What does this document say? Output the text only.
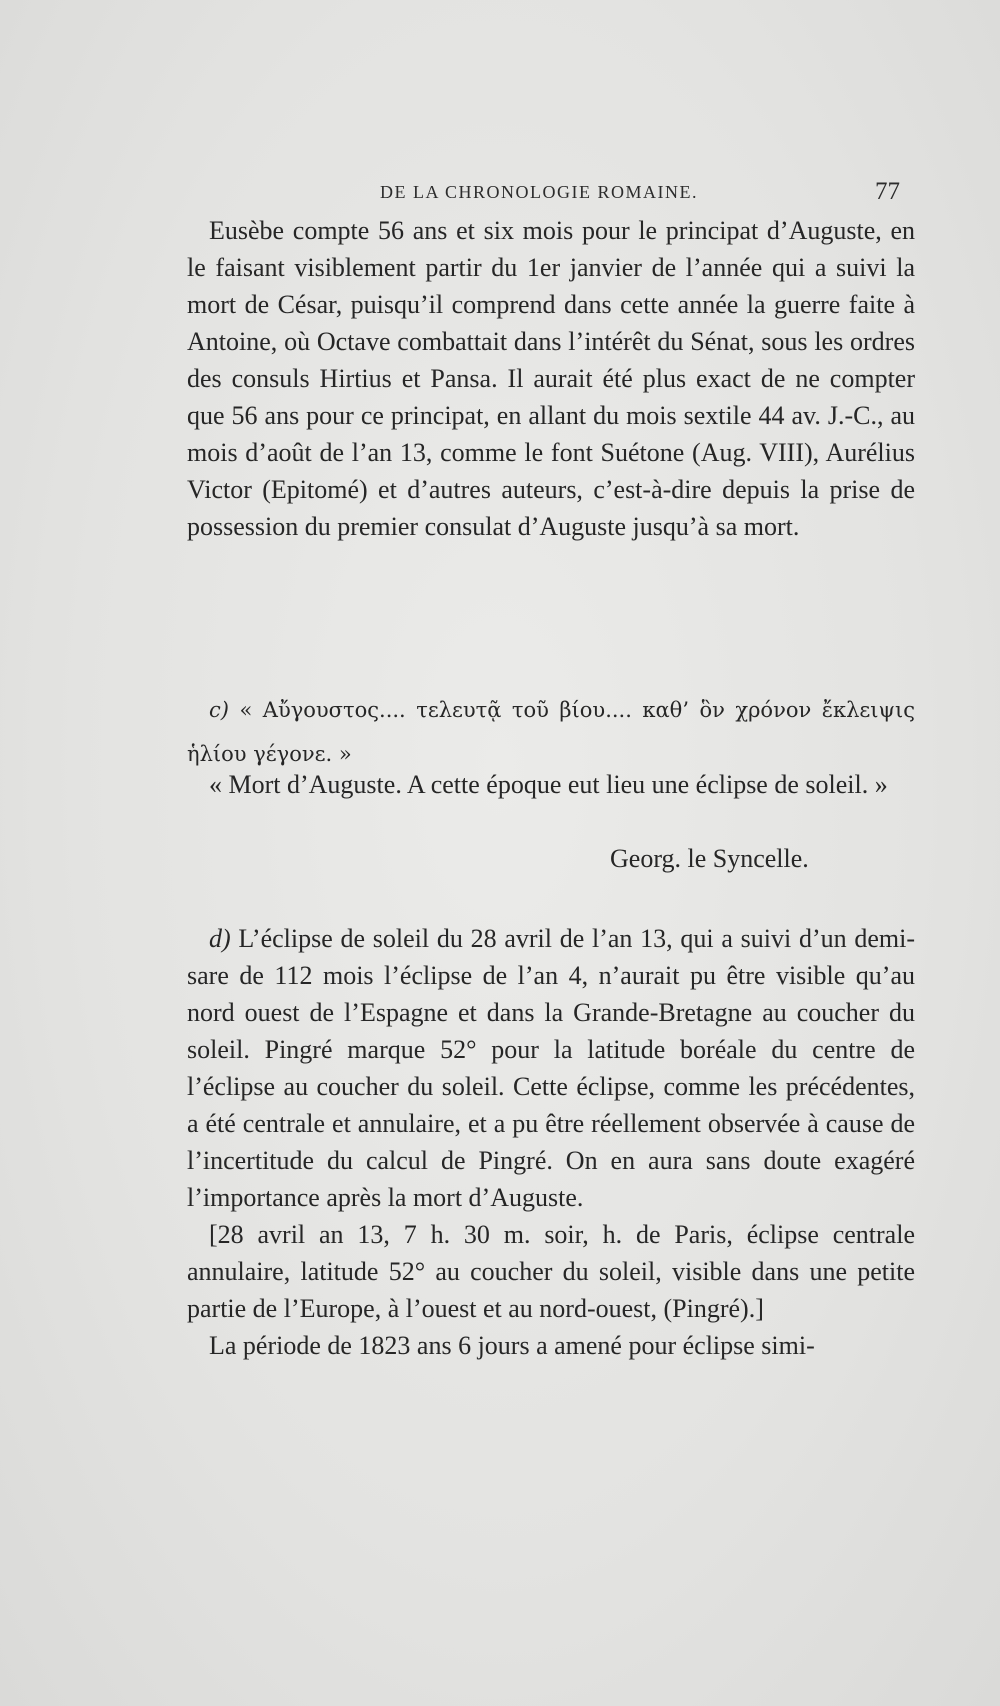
DE LA CHRONOLOGIE ROMAINE.	77

Eusèbe compte 56 ans et six mois pour le principat d’Auguste, en le faisant visiblement partir du 1er janvier de l’année qui a suivi la mort de César, puisqu’il comprend dans cette année la guerre faite à Antoine, où Octave combattait dans l’intérêt du Sénat, sous les ordres des consuls Hirtius et Pansa. Il aurait été plus exact de ne compter que 56 ans pour ce principat, en allant du mois sextile 44 av. J.-C., au mois d’août de l’an 13, comme le font Suétone (Aug. VIII), Aurélius Victor (Epitomé) et d’autres auteurs, c’est-à-dire depuis la prise de possession du premier consulat d’Auguste jusqu’à sa mort.

c) « Αὔγουστος.... τελευτᾷ τοῦ βίου.... καθ’ ὃν χρόνον ἔκλειψις ἡλίου γέγονε. »

« Mort d’Auguste. A cette époque eut lieu une éclipse de soleil. »

Georg. le Syncelle.

d) L’éclipse de soleil du 28 avril de l’an 13, qui a suivi d’un demi-sare de 112 mois l’éclipse de l’an 4, n’aurait pu être visible qu’au nord ouest de l’Espagne et dans la Grande-Bretagne au coucher du soleil. Pingré marque 52° pour la latitude boréale du centre de l’éclipse au coucher du soleil. Cette éclipse, comme les précédentes, a été centrale et annulaire, et a pu être réellement observée à cause de l’incertitude du calcul de Pingré. On en aura sans doute exagéré l’importance après la mort d’Auguste.

[28 avril an 13, 7 h. 30 m. soir, h. de Paris, éclipse centrale annulaire, latitude 52° au coucher du soleil, visible dans une petite partie de l’Europe, à l’ouest et au nord-ouest, (Pingré).]

La période de 1823 ans 6 jours a amené pour éclipse simi-
